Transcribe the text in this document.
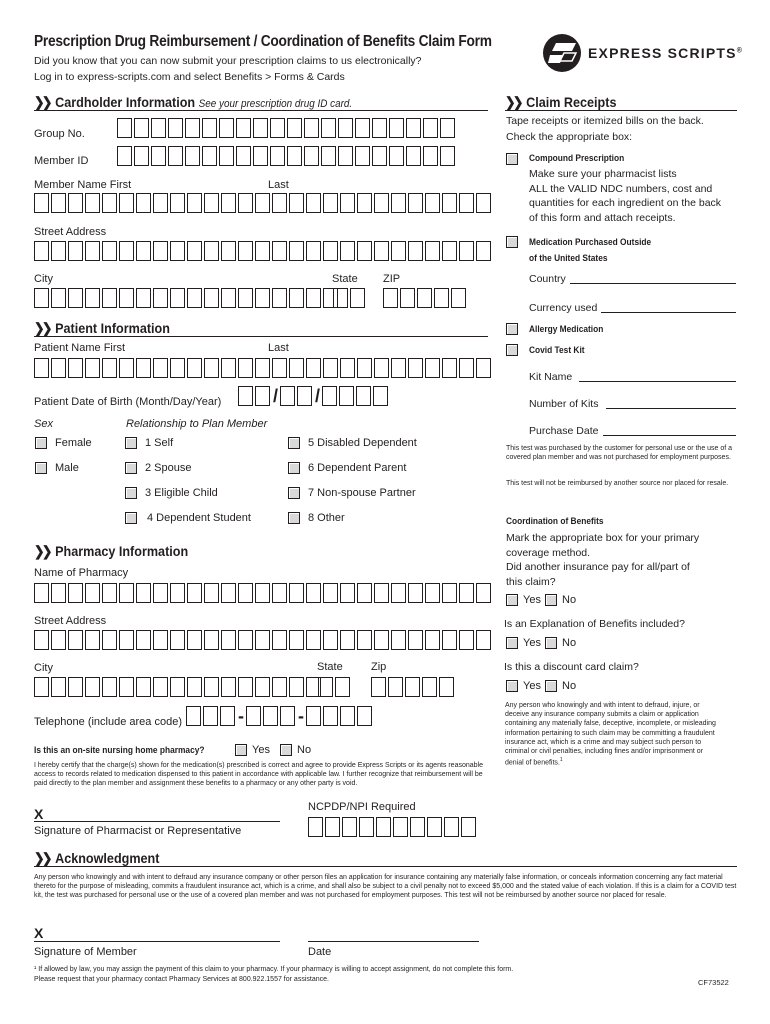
Prescription Drug Reimbursement / Coordination of Benefits Claim Form
Did you know that you can now submit your prescription claims to us electronically?
Log in to express-scripts.com and select Benefits > Forms & Cards
EXPRESS SCRIPTS®
❯❯ Cardholder Information See your prescription drug ID card.
Group No.
Member ID
Member Name First	Last
Street Address
City	State ZIP
❯❯ Patient Information
Patient Name First	Last
Patient Date of Birth (Month/Day/Year)	/ /
Sex	Relationship to Plan Member
Female
Male
1 Self
2 Spouse
3 Eligible Child
4 Dependent Student
5 Disabled Dependent
6 Dependent Parent
7 Non-spouse Partner
8 Other
❯❯ Pharmacy Information
Name of Pharmacy
Street Address
City	State	Zip
Telephone (include area code)	-	-
Is this an on-site nursing home pharmacy?	Yes No
I hereby certify that the charge(s) shown for the medication(s) prescribed is correct and agree to provide Express Scripts or its agents reasonable access to records related to medication dispensed to this patient in accordance with applicable law. I further recognize that reimbursement will be paid directly to the plan member and assignment these benefits to a pharmacy or any other party is void.
X
Signature of Pharmacist or Representative
NCPDP/NPI Required
❯❯ Claim Receipts
Tape receipts or itemized bills on the back.
Check the appropriate box:
Compound Prescription
Make sure your pharmacist lists
ALL the VALID NDC numbers, cost and
quantities for each ingredient on the back
of this form and attach receipts.
Medication Purchased Outside
of the United States
Country
Currency used
Allergy Medication
Covid Test Kit
Kit Name
Number of Kits
Purchase Date
This test was purchased by the customer for personal use or the use of a covered plan member and was not purchased for employment purposes.
This test will not be reimbursed by another source nor placed for resale.
Coordination of Benefits
Mark the appropriate box for your primary
coverage method.
Did another insurance pay for all/part of
this claim?
Yes No
Is an Explanation of Benefits included?
Yes No
Is this a discount card claim?
Yes No
Any person who knowingly and with intent to defraud, injure, or deceive any insurance company submits a claim or application containing any materially false, deceptive, incomplete, or misleading information pertaining to such claim may be committing a fraudulent insurance act, which is a crime and may subject such person to criminal or civil penalties, including fines and/or imprisonment or denial of benefits.$^1$
❯❯ Acknowledgment
Any person who knowingly and with intent to defraud any insurance company or other person files an application for insurance containing any materially false information, or conceals information concerning any fact material thereto for the purpose of misleading, commits a fraudulent insurance act, which is a crime, and shall also be subject to a civil penalty not to exceed $5,000 and the stated value of each violation. If this is a claim for a COVID test kit, the test was purchased for personal use or the use of a covered plan member and was not purchased for employment purposes. This test will not be reimbursed by another source nor placed for resale.
X
Signature of Member	Date
¹ If allowed by law, you may assign the payment of this claim to your pharmacy. If your pharmacy is willing to accept assignment, do not complete this form.
Please request that your pharmacy contact Pharmacy Services at 800.922.1557 for assistance.	CF73522
